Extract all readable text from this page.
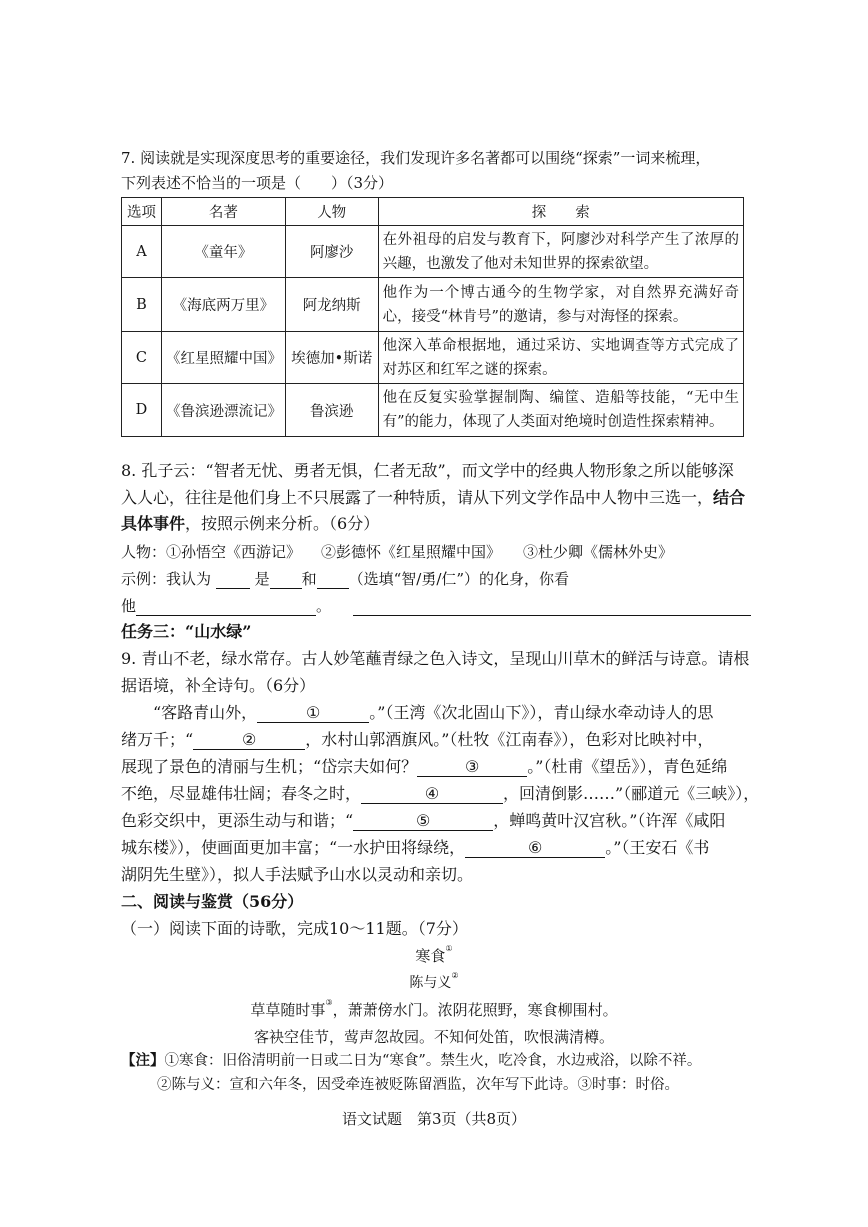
7. 阅读就是实现深度思考的重要途径，我们发现许多名著都可以围绕“探索”一词来梳理，
下列表述不恰当的一项是（　　）（3分）
选项	名著	人物	探　　索
A	《童年》	阿廖沙	在外祖母的启发与教育下，阿廖沙对科学产生了浓厚的兴趣，也激发了他对未知世界的探索欲望。
B	《海底两万里》	阿龙纳斯	他作为一个博古通今的生物学家，对自然界充满好奇心，接受“林肯号”的邀请，参与对海怪的探索。
C	《红星照耀中国》	埃德加•斯诺	他深入革命根据地，通过采访、实地调查等方式完成了对苏区和红军之谜的探索。
D	《鲁滨逊漂流记》	鲁滨逊	他在反复实验掌握制陶、编筐、造船等技能，“无中生有”的能力，体现了人类面对绝境时创造性探索精神。
8. 孔子云：“智者无忧、勇者无惧，仁者无敌”，而文学中的经典人物形象之所以能够深
入人心，往往是他们身上不只展露了一种特质，请从下列文学作品中人物中三选一，结合
具体事件，按照示例来分析。（6分）
人物：①孙悟空《西游记》 ②彭德怀《红星照耀中国》 ③杜少卿《儒林外史》
示例：我认为	是 和 （选填“智/勇/仁”）的化身，你看
他	。
任务三：“山水绿”
9. 青山不老，绿水常存。古人妙笔蘸青绿之色入诗文，呈现山川草木的鲜活与诗意。请根
据语境，补全诗句。（6分）
“客路青山外，	①	。”（王湾《次北固山下》），青山绿水牵动诗人的思
绪万千；“	②	，水村山郭酒旗风。”（杜牧《江南春》），色彩对比映衬中，
展现了景色的清丽与生机；“岱宗夫如何？	③	。”（杜甫《望岳》），青色延绵
不绝，尽显雄伟壮阔；春冬之时，	④	，回清倒影……”（郦道元《三峡》），
色彩交织中，更添生动与和谐；“	⑤	，蝉鸣黄叶汉宫秋。”（许浑《咸阳
城东楼》），使画面更加丰富；“一水护田将绿绕，	⑥	。”（王安石《书
湖阴先生壁》），拟人手法赋予山水以灵动和亲切。
二、阅读与鉴赏（56分）
（一）阅读下面的诗歌，完成10～11题。（7分）
寒食①
陈与义②
草草随时事③，萧萧傍水门。浓阴花照野，寒食柳围村。
客袂空佳节，莺声忽故园。不知何处笛，吹恨满清樽。
【注】①寒食：旧俗清明前一日或二日为“寒食”。禁生火，吃冷食，水边戒浴，以除不祥。
②陈与义：宣和六年冬，因受牵连被贬陈留酒监，次年写下此诗。③时事：时俗。
语文试题　第3页（共8页）
